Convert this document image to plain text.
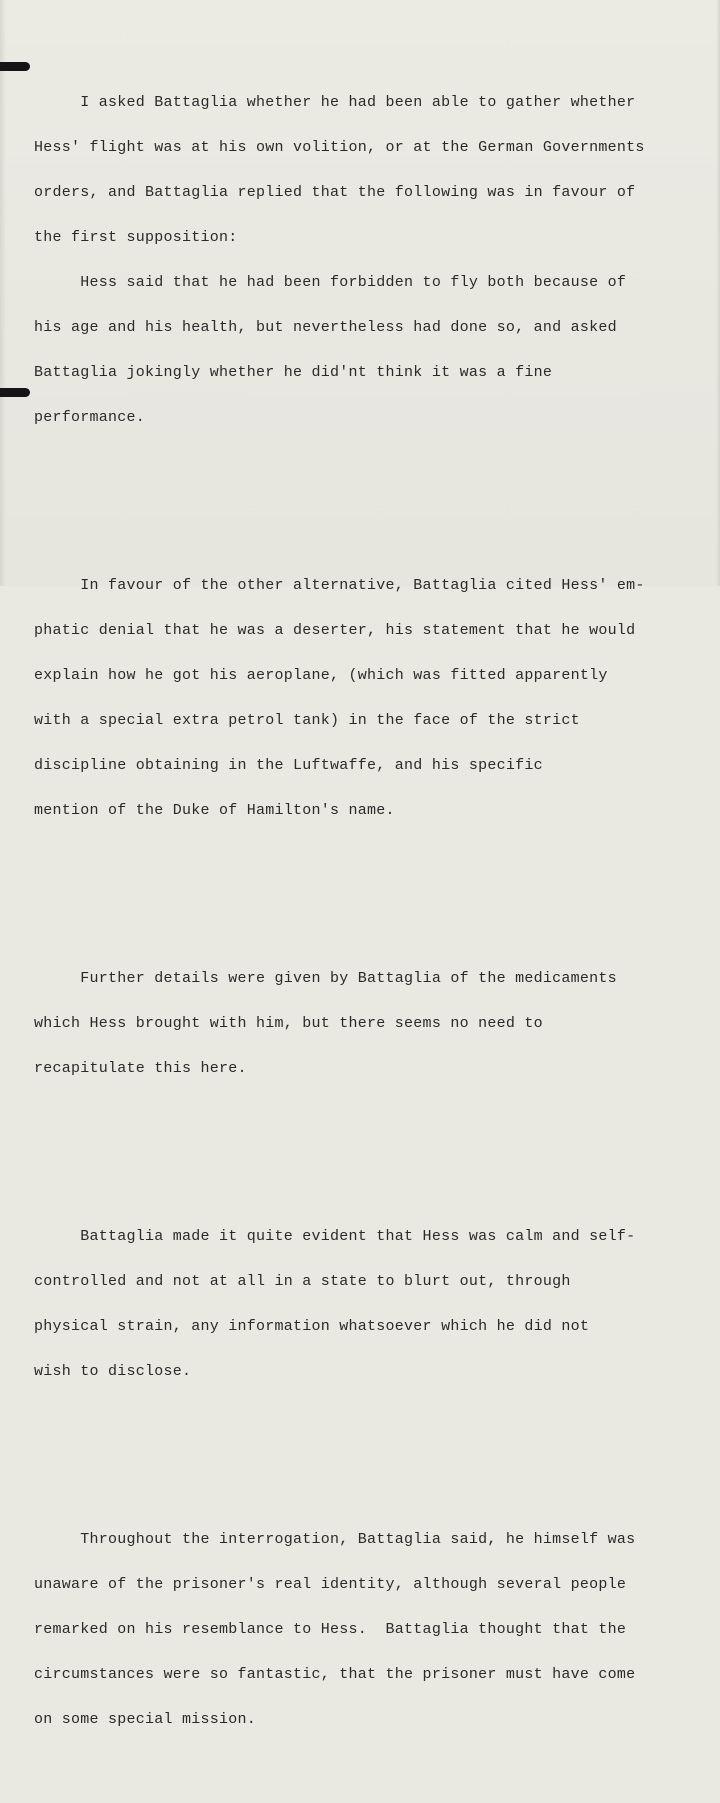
I asked Battaglia whether he had been able to gather whether

Hess' flight was at his own volition, or at the German Governments

orders, and Battaglia replied that the following was in favour of

the first supposition:

Hess said that he had been forbidden to fly both because of

his age and his health, but nevertheless had done so, and asked

Battaglia jokingly whether he did'nt think it was a fine

performance.

In favour of the other alternative, Battaglia cited Hess' em-

phatic denial that he was a deserter, his statement that he would

explain how he got his aeroplane, (which was fitted apparently

with a special extra petrol tank) in the face of the strict

discipline obtaining in the Luftwaffe, and his specific

mention of the Duke of Hamilton's name.

Further details were given by Battaglia of the medicaments

which Hess brought with him, but there seems no need to

recapitulate this here.

Battaglia made it quite evident that Hess was calm and self-

controlled and not at all in a state to blurt out, through

physical strain, any information whatsoever which he did not

wish to disclose.

Throughout the interrogation, Battaglia said, he himself was

unaware of the prisoner's real identity, although several people

remarked on his resemblance to Hess.  Battaglia thought that the

circumstances were so fantastic, that the prisoner must have come

on some special mission.
